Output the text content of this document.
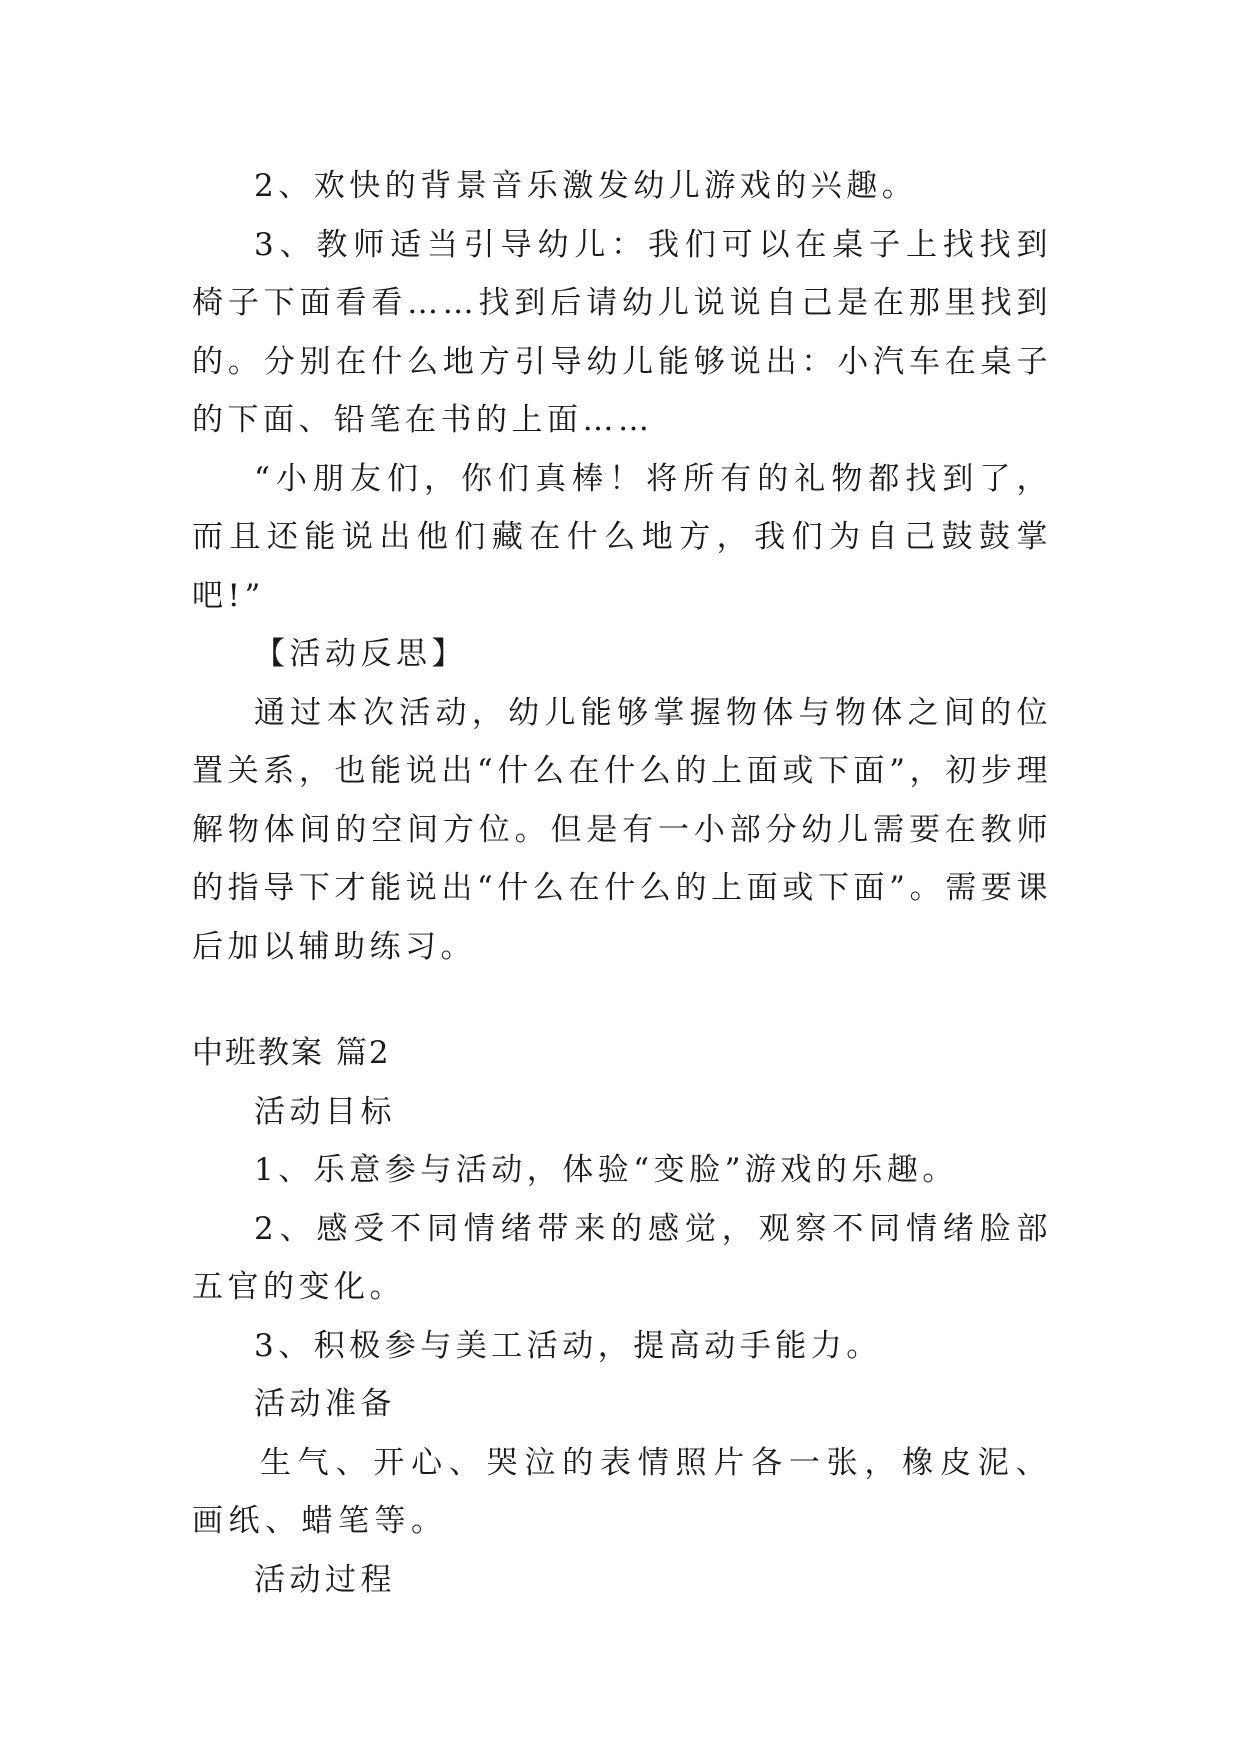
2、欢快的背景音乐激发幼儿游戏的兴趣。

3、教师适当引导幼儿：我们可以在桌子上找找到椅子下面看看……找到后请幼儿说说自己是在那里找到的。分别在什么地方引导幼儿能够说出：小汽车在桌子的下面、铅笔在书的上面……

“小朋友们，你们真棒！将所有的礼物都找到了，而且还能说出他们藏在什么地方，我们为自己鼓鼓掌吧!”

【活动反思】

通过本次活动，幼儿能够掌握物体与物体之间的位置关系，也能说出“什么在什么的上面或下面”，初步理解物体间的空间方位。但是有一小部分幼儿需要在教师的指导下才能说出“什么在什么的上面或下面”。需要课后加以辅助练习。

中班教案 篇2

活动目标

1、乐意参与活动，体验“变脸”游戏的乐趣。

2、感受不同情绪带来的感觉，观察不同情绪脸部五官的变化。

3、积极参与美工活动，提高动手能力。

活动准备

生气、开心、哭泣的表情照片各一张，橡皮泥、画纸、蜡笔等。

活动过程
